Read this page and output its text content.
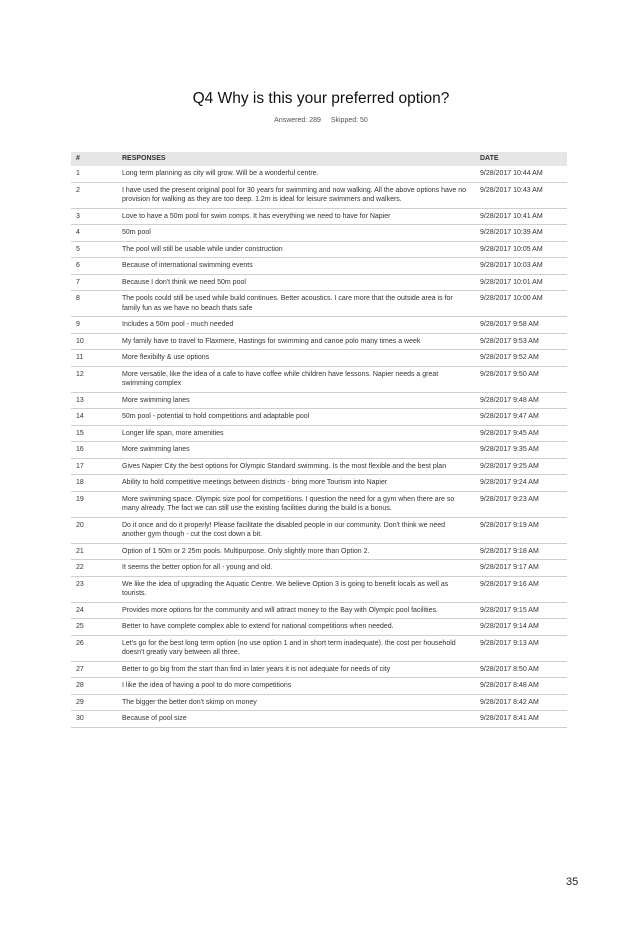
Q4 Why is this your preferred option?
Answered: 289 Skipped: 50
#	RESPONSES	DATE
1	Long term planning as city will grow. Will be a wonderful centre.	9/28/2017 10:44 AM
2	I have used the present original pool for 30 years for swimming and now walking. All the above options have no provision for walking as they are too deep. 1.2m is ideal for leisure swimmers and walkers.	9/28/2017 10:43 AM
3	Love to have a 50m pool for swim comps. It has everything we need to have for Napier	9/28/2017 10:41 AM
4	50m pool	9/28/2017 10:39 AM
5	The pool will still be usable while under construction	9/28/2017 10:05 AM
6	Because of international swimming events	9/28/2017 10:03 AM
7	Because I don't think we need 50m pool	9/28/2017 10:01 AM
8	The pools could still be used while build continues. Better acoustics. I care more that the outside area is for family fun as we have no beach thats safe	9/28/2017 10:00 AM
9	Includes a 50m pool - much needed	9/28/2017 9:58 AM
10	My family have to travel to Flaxmere, Hastings for swimming and canoe polo many times a week	9/28/2017 9:53 AM
11	More flexibilty & use options	9/28/2017 9:52 AM
12	More versatile, like the idea of a cafe to have coffee while children have lessons. Napier needs a great swimming complex	9/28/2017 9:50 AM
13	More swimming lanes	9/28/2017 9:48 AM
14	50m pool - potential to hold competitions and adaptable pool	9/28/2017 9:47 AM
15	Longer life span, more amenities	9/28/2017 9:45 AM
16	More swimming lanes	9/28/2017 9:35 AM
17	Gives Napier City the best options for Olympic Standard swimming. Is the most flexible and the best plan	9/28/2017 9:25 AM
18	Ability to hold competitive meetings between districts - bring more Tourism into Napier	9/28/2017 9:24 AM
19	More swimming space. Olympic size pool for competitions. I question the need for a gym when there are so many already. The fact we can still use the existing facilities during the build is a bonus.	9/28/2017 9:23 AM
20	Do it once and do it properly! Please facilitate the disabled people in our community. Don't think we need another gym though - cut the cost down a bit.	9/28/2017 9:19 AM
21	Option of 1 50m or 2 25m pools. Multipurpose. Only slightly more than Option 2.	9/28/2017 9:18 AM
22	It seems the better option for all - young and old.	9/28/2017 9:17 AM
23	We like the idea of upgrading the Aquatic Centre. We believe Option 3 is going to benefit locals as well as tourists.	9/28/2017 9:16 AM
24	Provides more options for the community and will attract money to the Bay with Olympic pool facilities.	9/28/2017 9:15 AM
25	Better to have complete complex able to extend for national competitions when needed.	9/28/2017 9:14 AM
26	Let's go for the best long term option (no use option 1 and in short term inadequate). the cost per household doesn't greatly vary between all three.	9/28/2017 9:13 AM
27	Better to go big from the start than find in later years it is not adequate for needs of city	9/28/2017 8:50 AM
28	I like the idea of having a pool to do more competitions	9/28/2017 8:48 AM
29	The bigger the better don't skimp on money	9/28/2017 8:42 AM
30	Because of pool size	9/28/2017 8:41 AM
35
